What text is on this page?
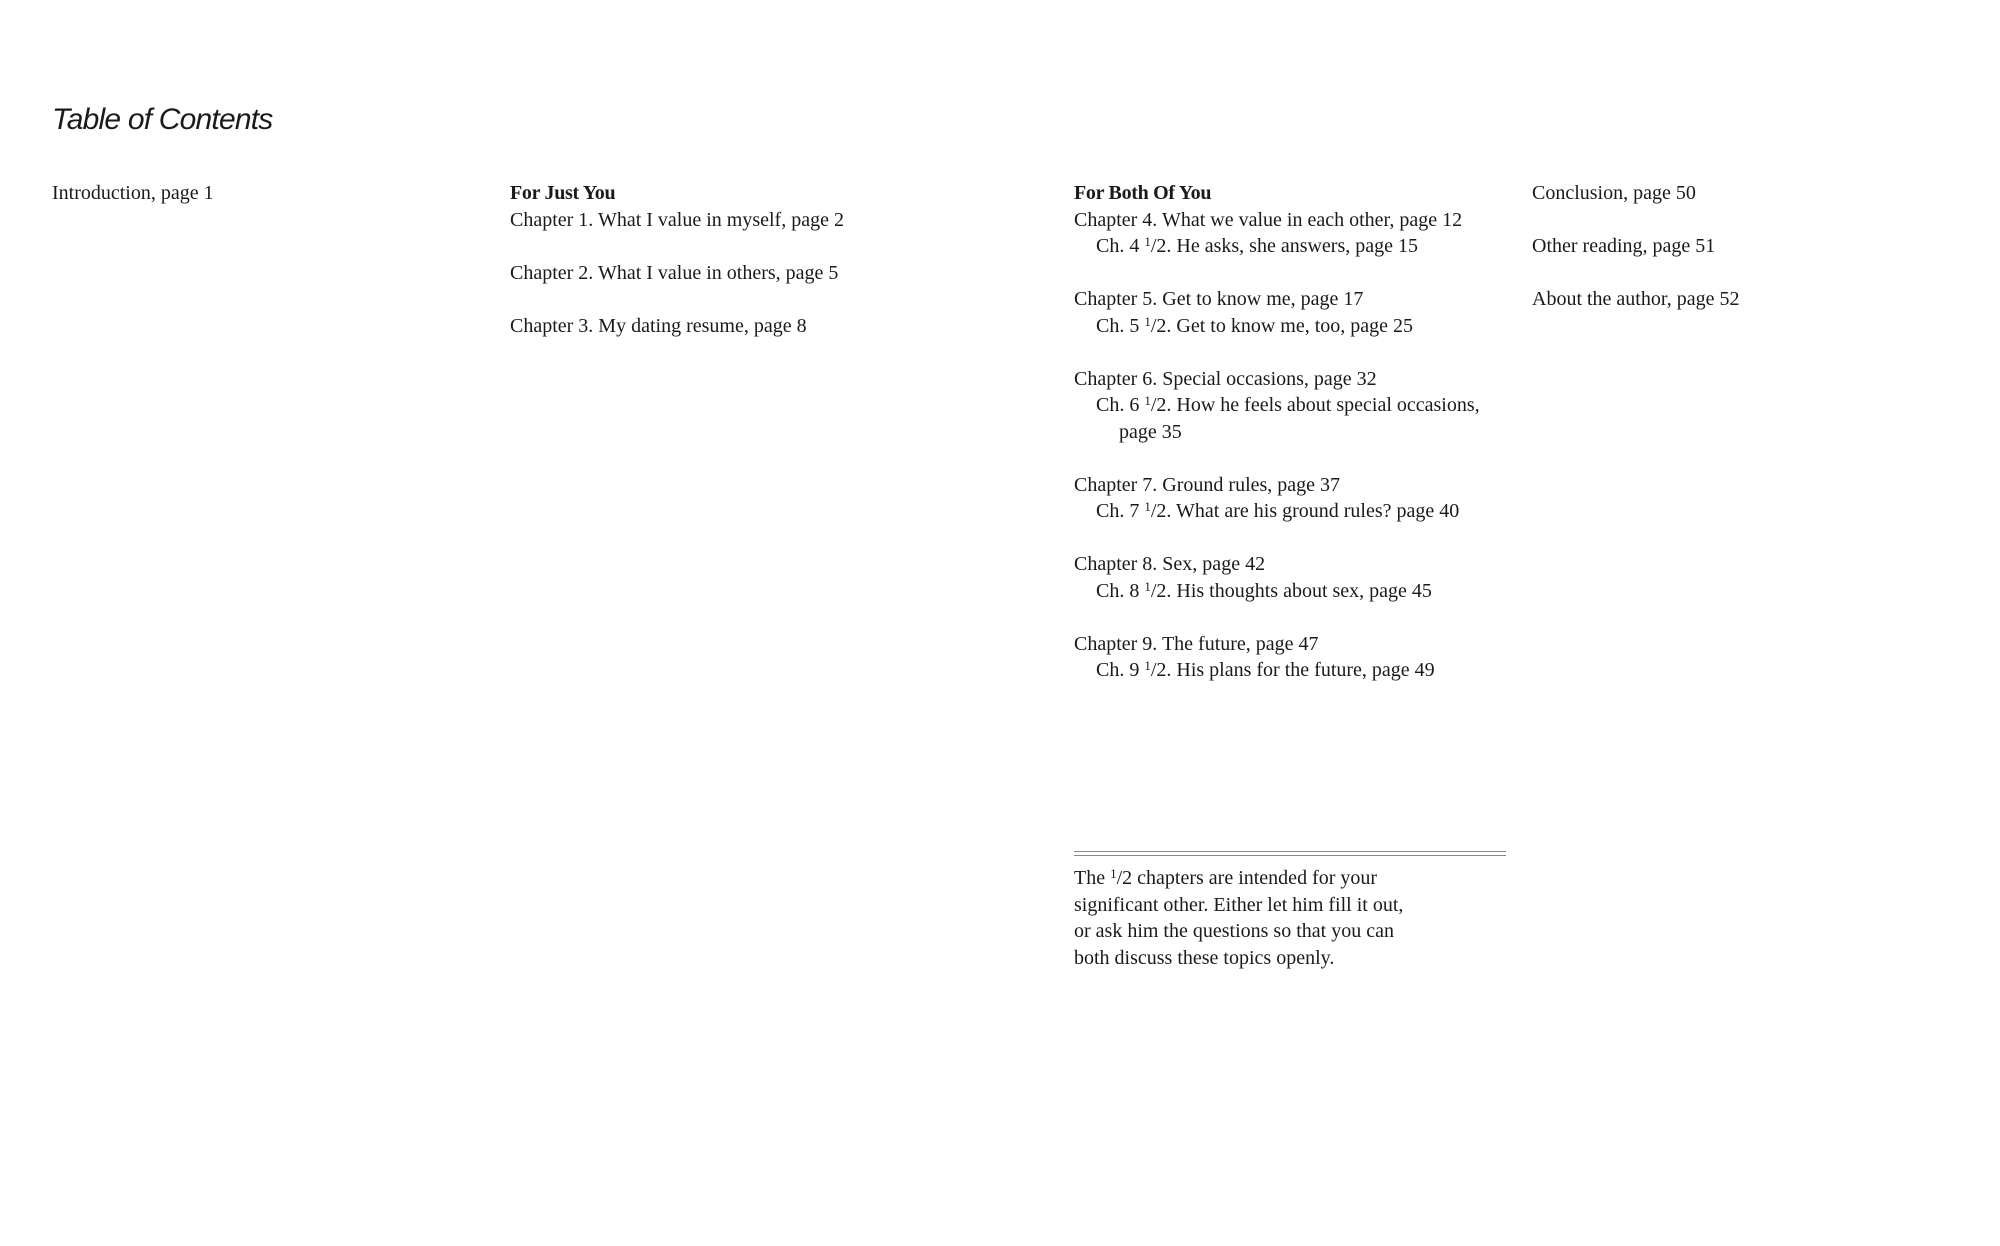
Table of Contents

Introduction, page 1	For Just You

Chapter 1. What I value in myself, page 2

Chapter 2. What I value in others, page 5

Chapter 3. My dating resume, page 8

For Both Of You

Chapter 4. What we value in each other, page 12

Ch. 4 $^1$/2. He asks, she answers, page 15

Chapter 5. Get to know me, page 17

Ch. 5 $^1$/2. Get to know me, too, page 25

Chapter 6. Special occasions, page 32

Ch. 6 $^1$/2. How he feels about special occasions,

page 35

Chapter 7. Ground rules, page 37

Ch. 7 $^1$/2. What are his ground rules? page 40

Chapter 8. Sex, page 42

Ch. 8 $^1$/2. His thoughts about sex, page 45

Chapter 9. The future, page 47

Ch. 9 $^1$/2. His plans for the future, page 49

Conclusion, page 50

Other reading, page 51

About the author, page 52

The $^1$/2 chapters are intended for your

significant other. Either let him fill it out,

or ask him the questions so that you can

both discuss these topics openly.
